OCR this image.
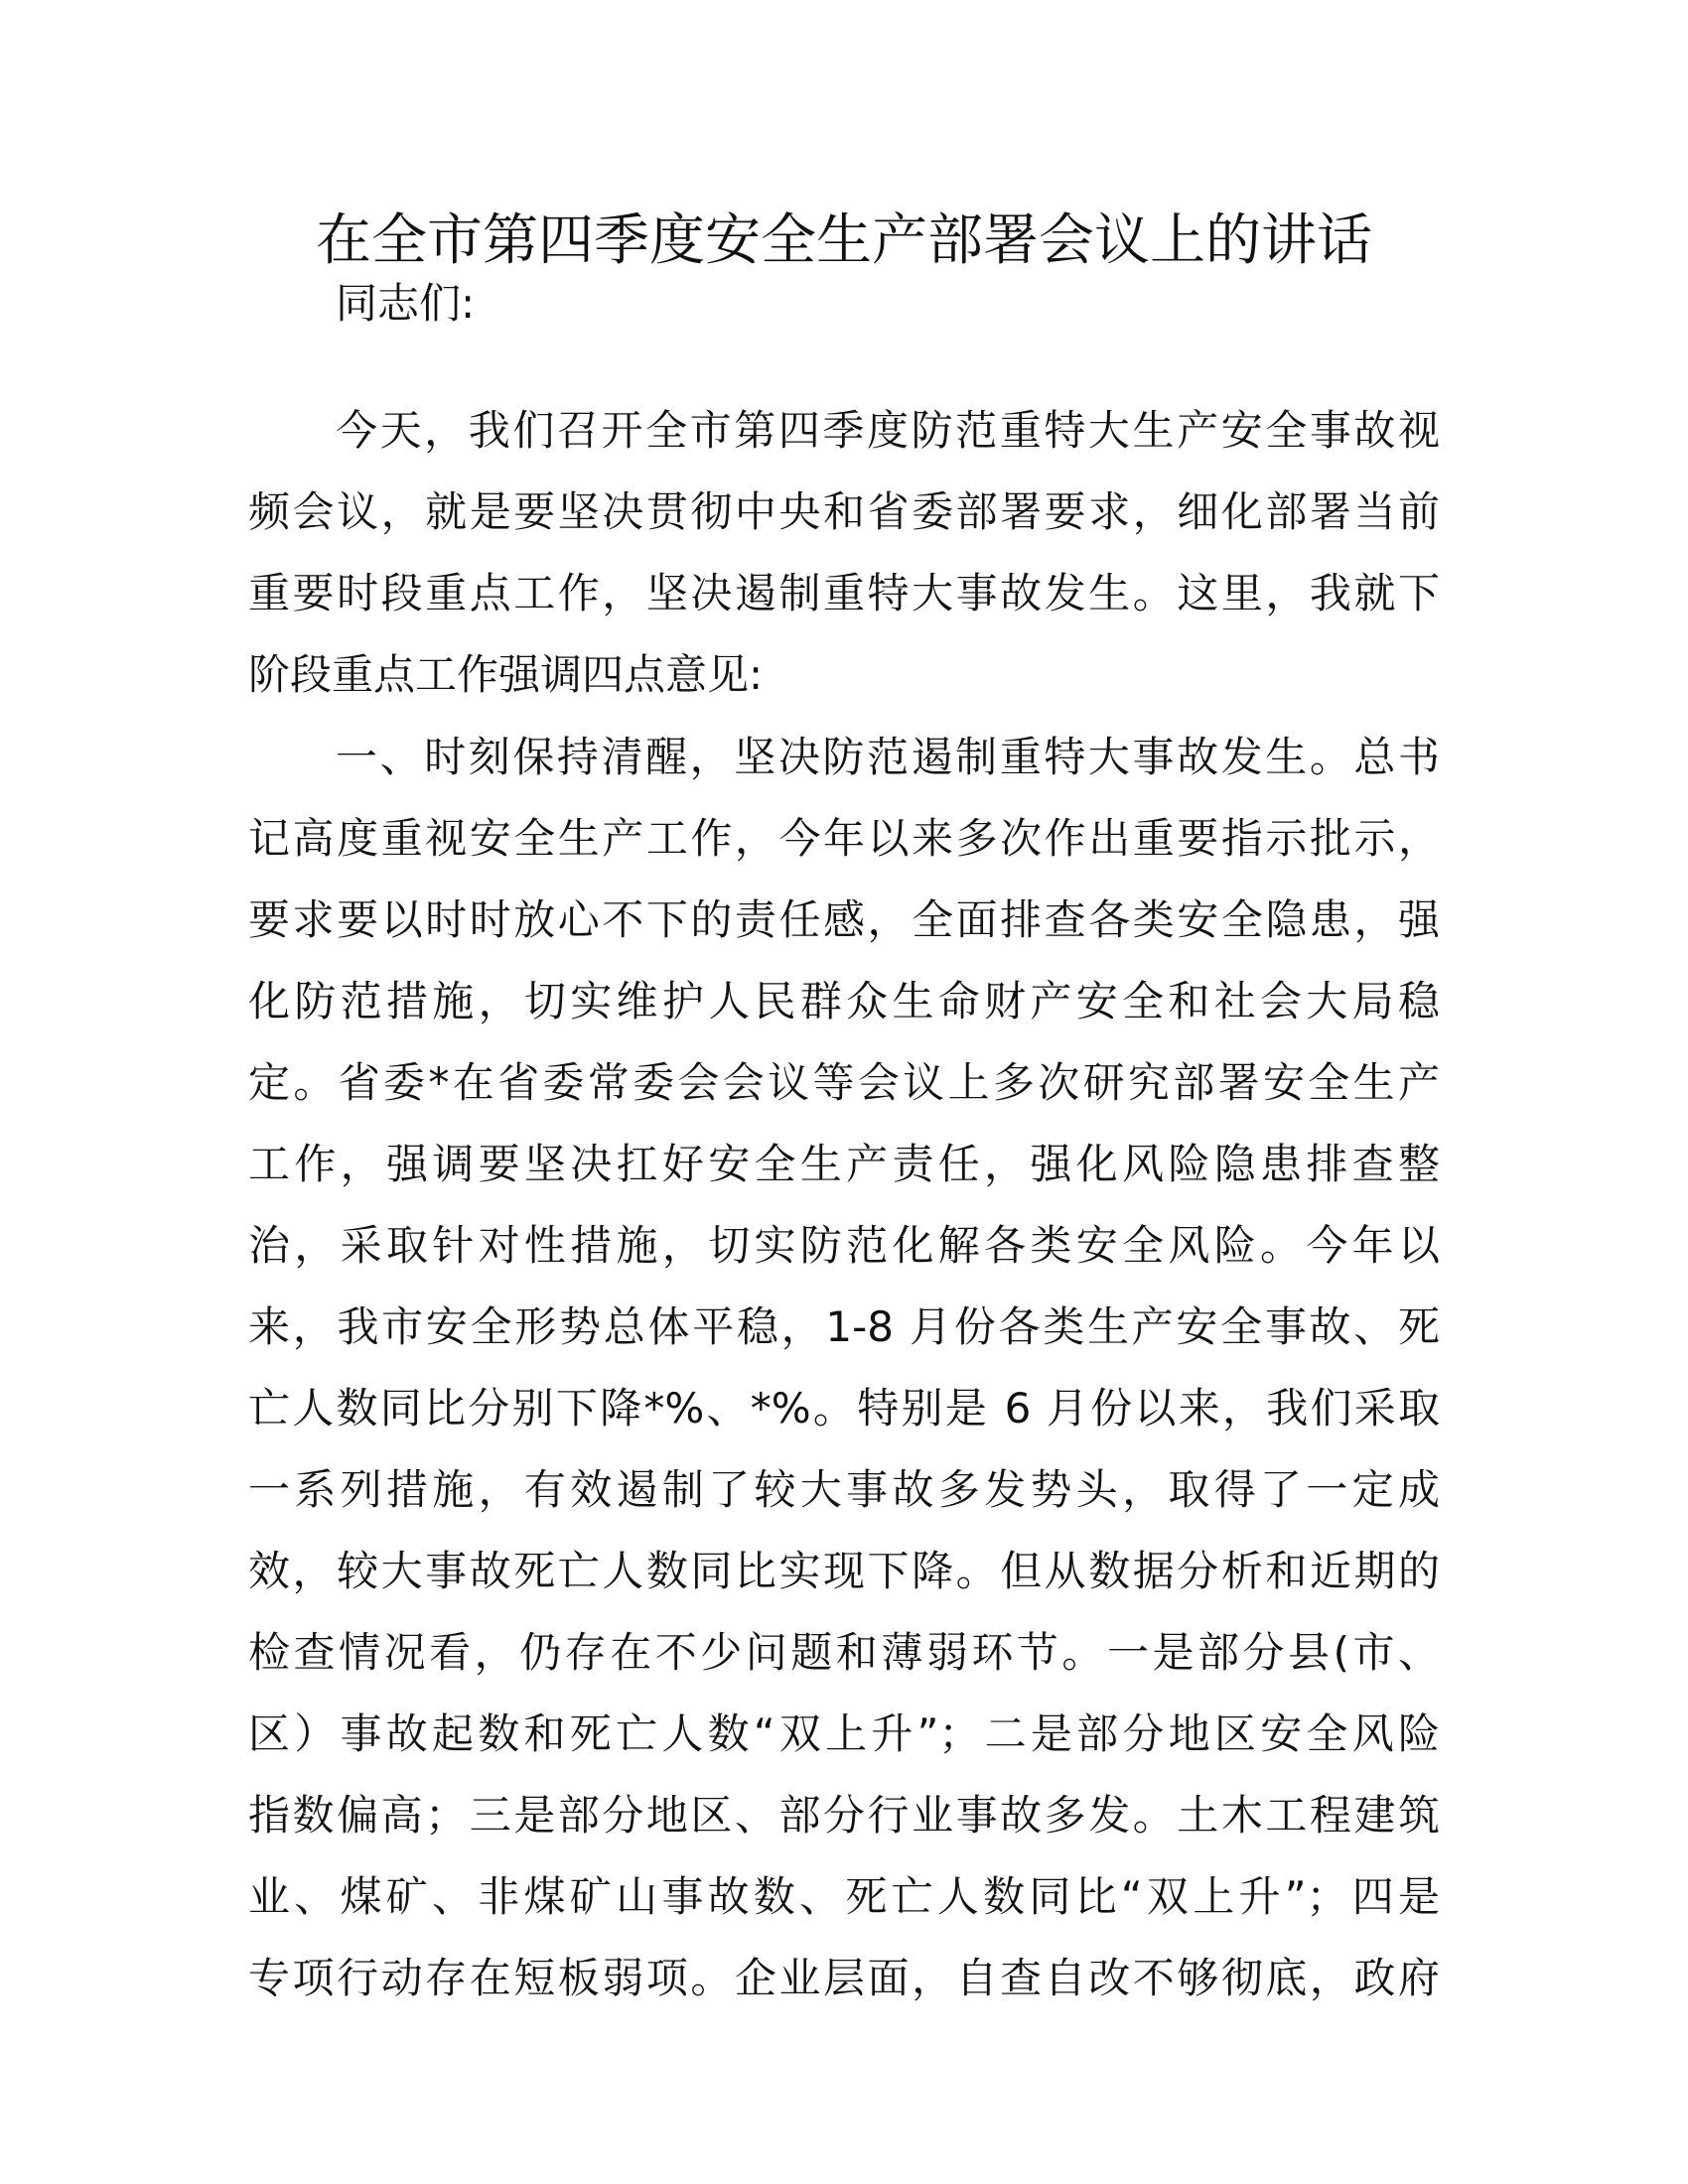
在全市第四季度安全生产部署会议上的讲话

同志们:

今天，我们召开全市第四季度防范重特大生产安全事故视
频会议，就是要坚决贯彻中央和省委部署要求，细化部署当前
重要时段重点工作，坚决遏制重特大事故发生。这里，我就下
阶段重点工作强调四点意见:
一、时刻保持清醒，坚决防范遏制重特大事故发生。总书
记高度重视安全生产工作，今年以来多次作出重要指示批示，
要求要以时时放心不下的责任感，全面排查各类安全隐患，强
化防范措施，切实维护人民群众生命财产安全和社会大局稳
定。省委*在省委常委会会议等会议上多次研究部署安全生产
工作，强调要坚决扛好安全生产责任，强化风险隐患排查整
治，采取针对性措施，切实防范化解各类安全风险。今年以
来，我市安全形势总体平稳，1-8 月份各类生产安全事故、死
亡人数同比分别下降*%、*%。特别是 6 月份以来，我们采取
一系列措施，有效遏制了较大事故多发势头，取得了一定成
效，较大事故死亡人数同比实现下降。但从数据分析和近期的
检查情况看，仍存在不少问题和薄弱环节。一是部分县(市、
区）事故起数和死亡人数“双上升”；二是部分地区安全风险
指数偏高；三是部分地区、部分行业事故多发。土木工程建筑
业、煤矿、非煤矿山事故数、死亡人数同比“双上升”；四是
专项行动存在短板弱项。企业层面，自查自改不够彻底，政府
